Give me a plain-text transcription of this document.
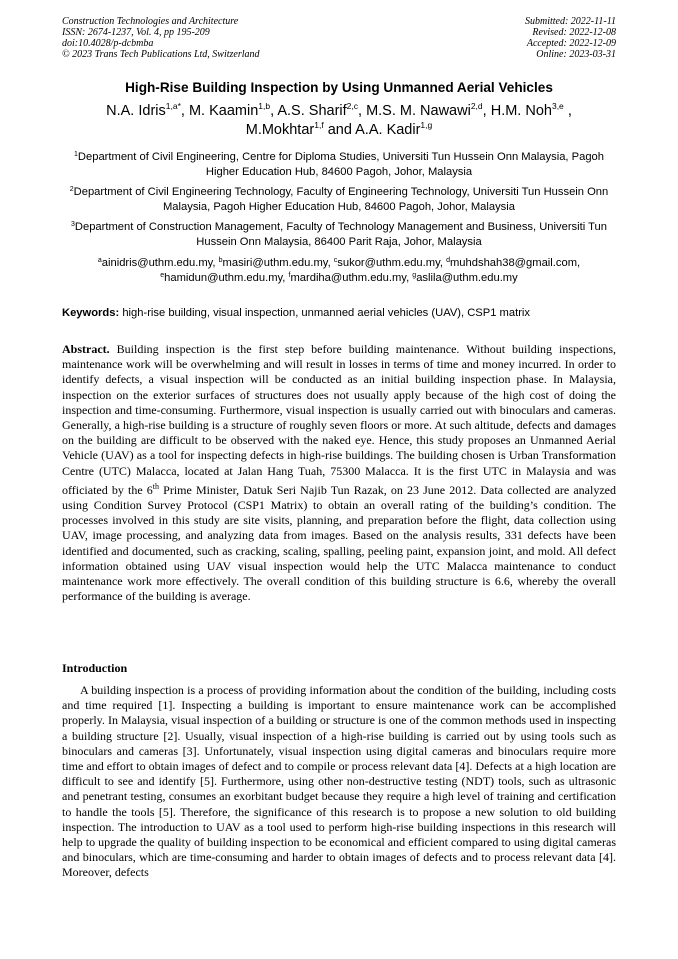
Construction Technologies and Architecture
ISSN: 2674-1237, Vol. 4, pp 195-209
doi:10.4028/p-dcbmba
© 2023 Trans Tech Publications Ltd, Switzerland
Submitted: 2022-11-11
Revised: 2022-12-08
Accepted: 2022-12-09
Online: 2023-03-31
High-Rise Building Inspection by Using Unmanned Aerial Vehicles
N.A. Idris$^{1,a*}$, M. Kaamin$^{1,b}$, A.S. Sharif$^{2,c}$, M.S. M. Nawawi$^{2,d}$, H.M. Noh$^{3,e}$ ,
M.Mokhtar$^{1,f}$ and A.A. Kadir$^{1,g}$
$^1$Department of Civil Engineering, Centre for Diploma Studies, Universiti Tun Hussein Onn Malaysia, Pagoh Higher Education Hub, 84600 Pagoh, Johor, Malaysia
$^2$Department of Civil Engineering Technology, Faculty of Engineering Technology, Universiti Tun Hussein Onn Malaysia, Pagoh Higher Education Hub, 84600 Pagoh, Johor, Malaysia
$^3$Department of Construction Management, Faculty of Technology Management and Business, Universiti Tun Hussein Onn Malaysia, 86400 Parit Raja, Johor, Malaysia
$^a$ainidris@uthm.edu.my, $^b$masiri@uthm.edu.my, $^c$sukor@uthm.edu.my, $^d$muhdshah38@gmail.com,
$^e$hamidun@uthm.edu.my, $^f$mardiha@uthm.edu.my, $^g$aslila@uthm.edu.my
Keywords: high-rise building, visual inspection, unmanned aerial vehicles (UAV), CSP1 matrix
Abstract. Building inspection is the first step before building maintenance. Without building inspections, maintenance work will be overwhelming and will result in losses in terms of time and money incurred. In order to identify defects, a visual inspection will be conducted as an initial building inspection phase. In Malaysia, inspection on the exterior surfaces of structures does not usually apply because of the high cost of doing the inspection and time-consuming. Furthermore, visual inspection is usually carried out with binoculars and cameras. Generally, a high-rise building is a structure of roughly seven floors or more. At such altitude, defects and damages on the building are difficult to be observed with the naked eye. Hence, this study proposes an Unmanned Aerial Vehicle (UAV) as a tool for inspecting defects in high-rise buildings. The building chosen is Urban Transformation Centre (UTC) Malacca, located at Jalan Hang Tuah, 75300 Malacca. It is the first UTC in Malaysia and was officiated by the 6th Prime Minister, Datuk Seri Najib Tun Razak, on 23 June 2012. Data collected are analyzed using Condition Survey Protocol (CSP1 Matrix) to obtain an overall rating of the building’s condition. The processes involved in this study are site visits, planning, and preparation before the flight, data collection using UAV, image processing, and analyzing data from images. Based on the analysis results, 331 defects have been identified and documented, such as cracking, scaling, spalling, peeling paint, expansion joint, and mold. All defect information obtained using UAV visual inspection would help the UTC Malacca maintenance to conduct maintenance work more effectively. The overall condition of this building structure is 6.6, whereby the overall performance of the building is average.
Introduction
A building inspection is a process of providing information about the condition of the building, including costs and time required [1]. Inspecting a building is important to ensure maintenance work can be accomplished properly. In Malaysia, visual inspection of a building or structure is one of the common methods used in inspecting a building structure [2]. Usually, visual inspection of a high-rise building is carried out by using tools such as binoculars and cameras [3]. Unfortunately, visual inspection using digital cameras and binoculars require more time and effort to obtain images of defect and to compile or process relevant data [4]. Defects at a high location are difficult to see and identify [5]. Furthermore, using other non-destructive testing (NDT) tools, such as ultrasonic and penetrant testing, consumes an exorbitant budget because they require a high level of training and certification to handle the tools [5]. Therefore, the significance of this research is to propose a new solution to old building inspection. The introduction to UAV as a tool used to perform high-rise building inspections in this research will help to upgrade the quality of building inspection to be economical and efficient compared to using digital cameras and binoculars, which are time-consuming and harder to obtain images of defects and to process relevant data [4]. Moreover, defects
